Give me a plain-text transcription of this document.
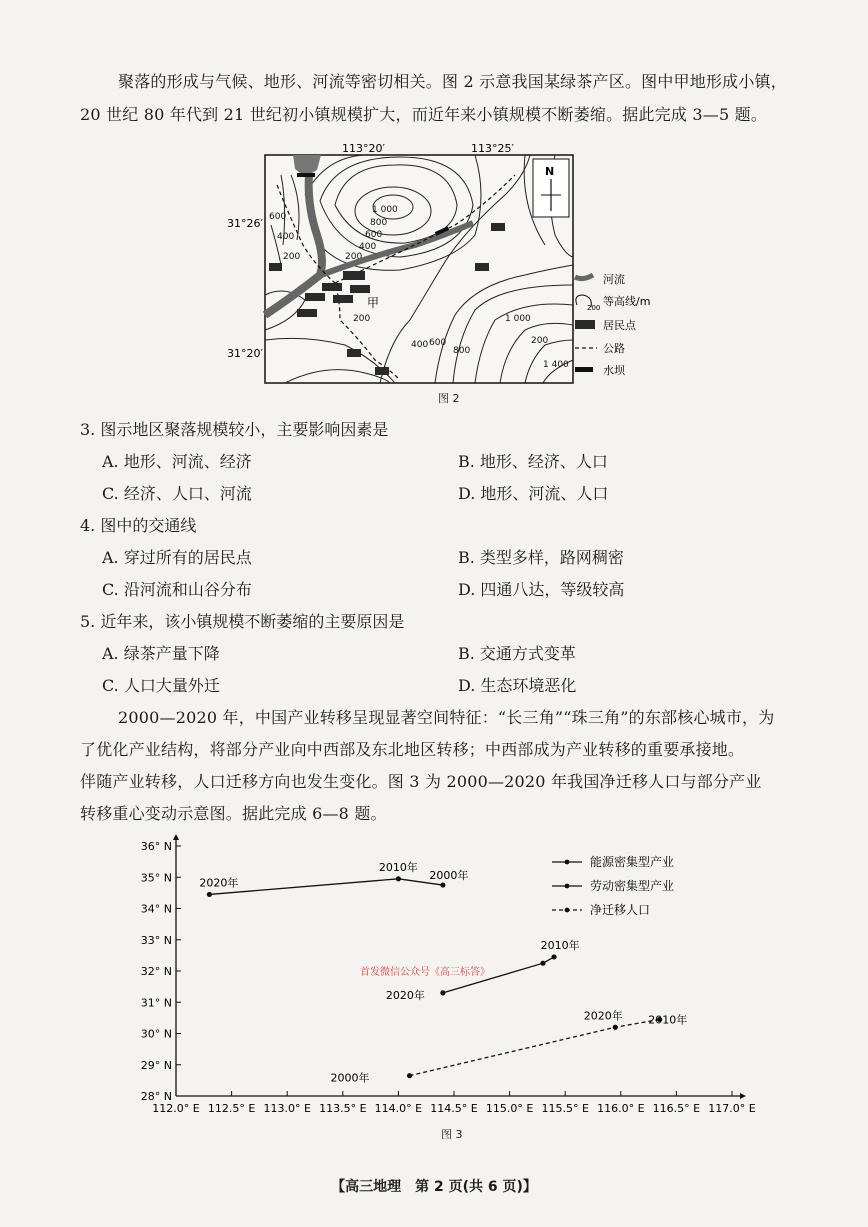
聚落的形成与气候、地形、河流等密切相关。图 2 示意我国某绿茶产区。图中甲地形成小镇，
20 世纪 80 年代到 21 世纪初小镇规模扩大，而近年来小镇规模不断萎缩。据此完成 3—5 题。
113°20′	113°25′
31°26′
31°20′
1 000
800
600
400
200
600
400
200
200
400 600
800
1 000
200
1 400
甲
N
河流
200 等高线/m
居民点
公路
水坝
图 2
3. 图示地区聚落规模较小，主要影响因素是
A. 地形、河流、经济	B. 地形、经济、人口
C. 经济、人口、河流	D. 地形、河流、人口
4. 图中的交通线
A. 穿过所有的居民点	B. 类型多样，路网稠密
C. 沿河流和山谷分布	D. 四通八达，等级较高
5. 近年来，该小镇规模不断萎缩的主要原因是
A. 绿茶产量下降	B. 交通方式变革
C. 人口大量外迁	D. 生态环境恶化
2000—2020 年，中国产业转移呈现显著空间特征：“长三角”“珠三角”的东部核心城市，为
了优化产业结构，将部分产业向中西部及东北地区转移；中西部成为产业转移的重要承接地。
伴随产业转移，人口迁移方向也发生变化。图 3 为 2000—2020 年我国净迁移人口与部分产业
转移重心变动示意图。据此完成 6—8 题。
112.0° E 112.5° E 113.0° E 113.5° E 114.0° E 114.5° E 115.0° E 115.5° E 116.0° E 116.5° E 117.0° E
28° N
29° N
30° N
31° N
32° N
33° N
34° N
35° N
36° N
2020年
2010年
2000年
2020年
2010年
2000年
2020年 2010年
能源密集型产业
劳动密集型产业
净迁移人口
首发微信公众号《高三标答》
图 3
【高三地理　第 2 页(共 6 页)】
